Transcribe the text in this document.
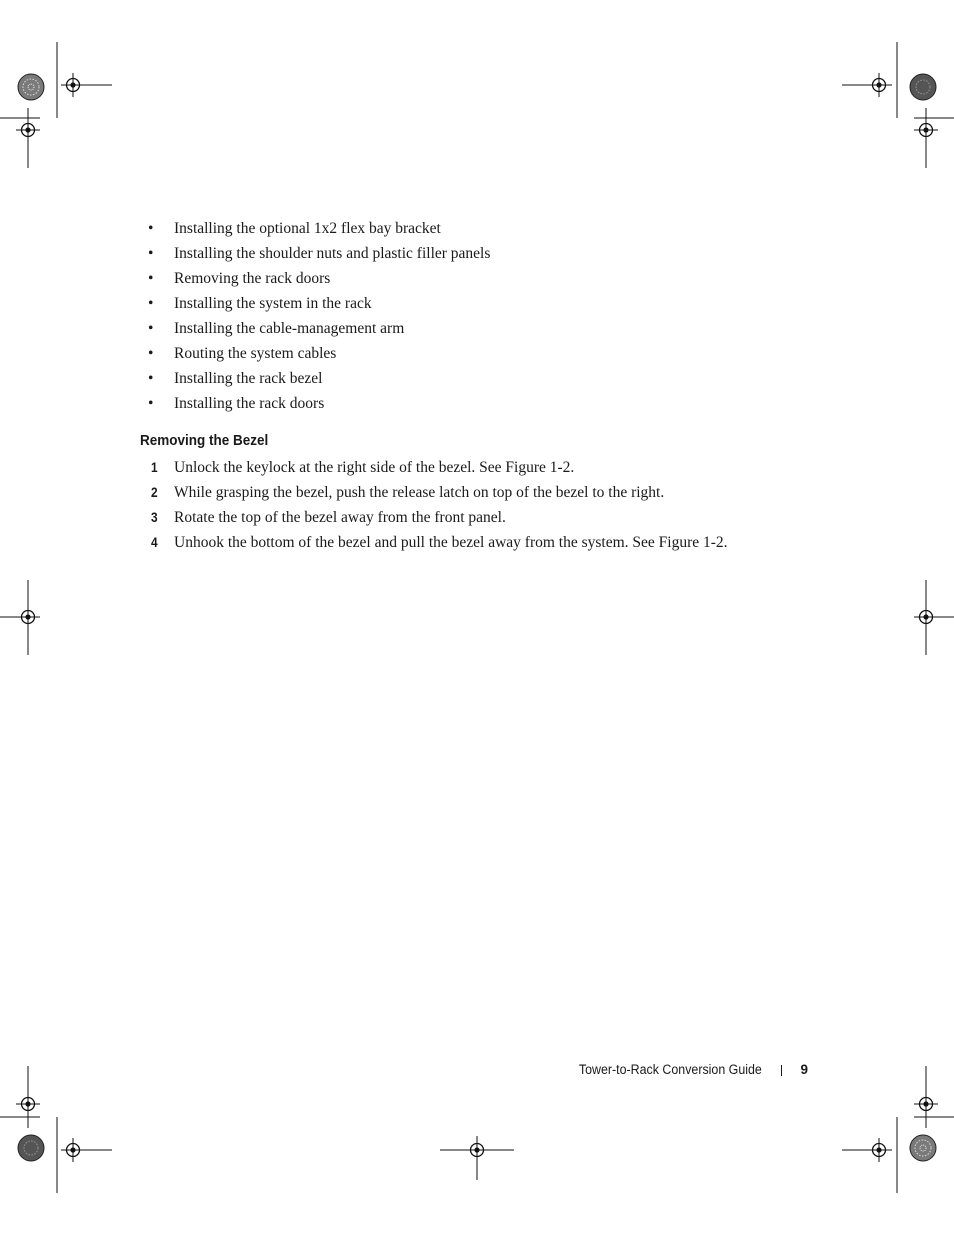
• Installing the optional 1x2 flex bay bracket
• Installing the shoulder nuts and plastic filler panels
• Removing the rack doors
• Installing the system in the rack
• Installing the cable-management arm
• Routing the system cables
• Installing the rack bezel
• Installing the rack doors
Removing the Bezel
1 Unlock the keylock at the right side of the bezel. See Figure 1-2.
2 While grasping the bezel, push the release latch on top of the bezel to the right.
3 Rotate the top of the bezel away from the front panel.
4 Unhook the bottom of the bezel and pull the bezel away from the system. See Figure 1-2.
Tower-to-Rack Conversion Guide	9
